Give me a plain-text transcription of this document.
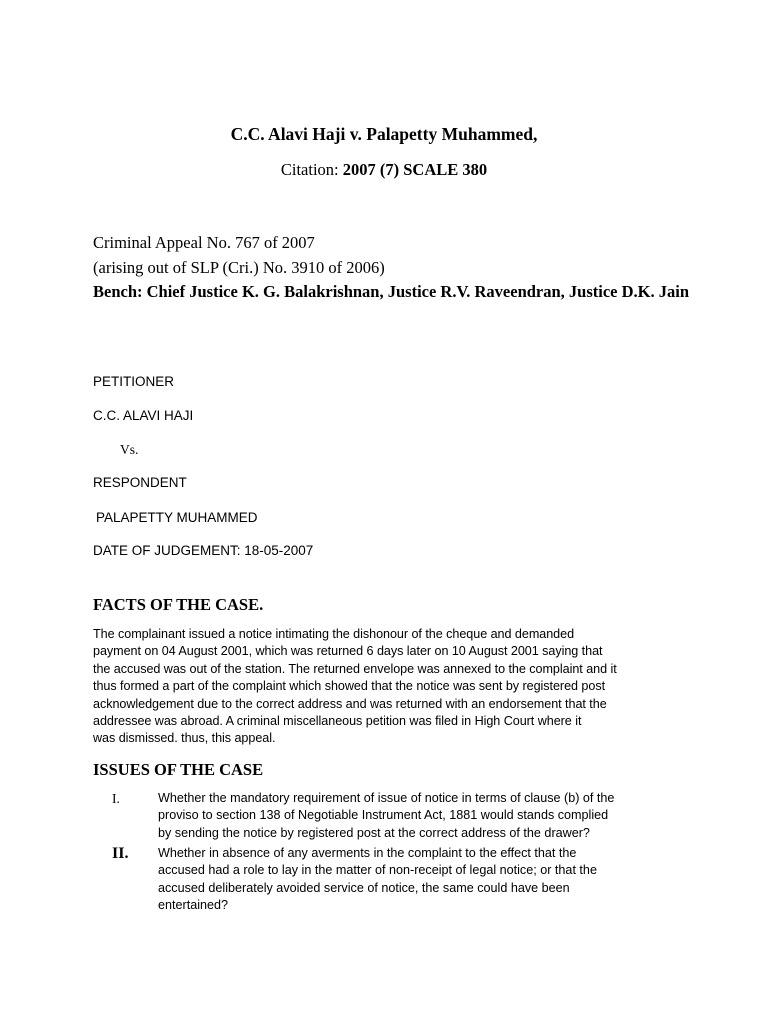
C.C. Alavi Haji v. Palapetty Muhammed,

Citation: 2007 (7) SCALE 380

Criminal Appeal No. 767 of 2007

(arising out of SLP (Cri.) No. 3910 of 2006)

Bench: Chief Justice K. G. Balakrishnan, Justice R.V. Raveendran, Justice D.K. Jain

PETITIONER

C.C. ALAVI HAJI

Vs.

RESPONDENT

PALAPETTY MUHAMMED

DATE OF JUDGEMENT: 18-05-2007

FACTS OF THE CASE.

The complainant issued a notice intimating the dishonour of the cheque and demanded
payment on 04 August 2001, which was returned 6 days later on 10 August 2001 saying that
the accused was out of the station. The returned envelope was annexed to the complaint and it
thus formed a part of the complaint which showed that the notice was sent by registered post
acknowledgement due to the correct address and was returned with an endorsement that the
addressee was abroad. A criminal miscellaneous petition was filed in High Court where it
was dismissed. thus, this appeal.

ISSUES OF THE CASE

I.	Whether the mandatory requirement of issue of notice in terms of clause (b) of the
proviso to section 138 of Negotiable Instrument Act, 1881 would stands complied
by sending the notice by registered post at the correct address of the drawer?

II. Whether in absence of any averments in the complaint to the effect that the
accused had a role to lay in the matter of non-receipt of legal notice; or that the
accused deliberately avoided service of notice, the same could have been
entertained?
